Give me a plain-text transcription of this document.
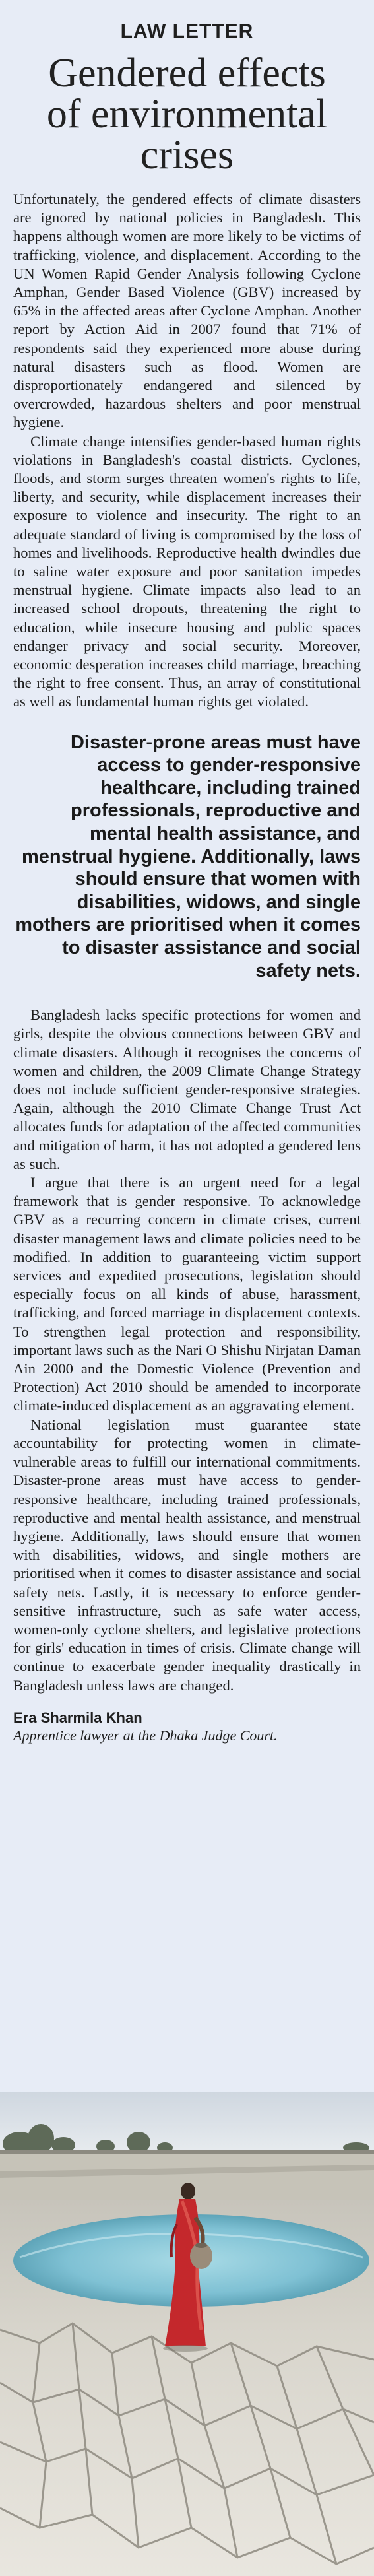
LAW LETTER
Gendered effects
of environmental
crises

Unfortunately, the gendered effects of climate disasters are ignored by national policies in Bangladesh. This happens although women are more likely to be victims of trafficking, violence, and displacement. According to the UN Women Rapid Gender Analysis following Cyclone Amphan, Gender Based Violence (GBV) increased by 65% in the affected areas after Cyclone Amphan. Another report by Action Aid in 2007 found that 71% of respondents said they experienced more abuse during natural disasters such as flood. Women are disproportionately endangered and silenced by overcrowded, hazardous shelters and poor menstrual hygiene.

Climate change intensifies gender-based human rights violations in Bangladesh's coastal districts. Cyclones, floods, and storm surges threaten women's rights to life, liberty, and security, while displacement increases their exposure to violence and insecurity. The right to an adequate standard of living is compromised by the loss of homes and livelihoods. Reproductive health dwindles due to saline water exposure and poor sanitation impedes menstrual hygiene. Climate impacts also lead to an increased school dropouts, threatening the right to education, while insecure housing and public spaces endanger privacy and social security. Moreover, economic desperation increases child marriage, breaching the right to free consent. Thus, an array of constitutional as well as fundamental human rights get violated.

Disaster-prone areas must have access to gender-responsive healthcare, including trained professionals, reproductive and mental health assistance, and menstrual hygiene. Additionally, laws should ensure that women with disabilities, widows, and single mothers are prioritised when it comes to disaster assistance and social safety nets.

Bangladesh lacks specific protections for women and girls, despite the obvious connections between GBV and climate disasters. Although it recognises the concerns of women and children, the 2009 Climate Change Strategy does not include sufficient gender-responsive strategies. Again, although the 2010 Climate Change Trust Act allocates funds for adaptation of the affected communities and mitigation of harm, it has not adopted a gendered lens as such.

I argue that there is an urgent need for a legal framework that is gender responsive. To acknowledge GBV as a recurring concern in climate crises, current disaster management laws and climate policies need to be modified. In addition to guaranteeing victim support services and expedited prosecutions, legislation should especially focus on all kinds of abuse, harassment, trafficking, and forced marriage in displacement contexts. To strengthen legal protection and responsibility, important laws such as the Nari O Shishu Nirjatan Daman Ain 2000 and the Domestic Violence (Prevention and Protection) Act 2010 should be amended to incorporate climate-induced displacement as an aggravating element.

National legislation must guarantee state accountability for protecting women in climate-vulnerable areas to fulfill our international commitments. Disaster-prone areas must have access to gender-responsive healthcare, including trained professionals, reproductive and mental health assistance, and menstrual hygiene. Additionally, laws should ensure that women with disabilities, widows, and single mothers are prioritised when it comes to disaster assistance and social safety nets. Lastly, it is necessary to enforce gender-sensitive infrastructure, such as safe water access, women-only cyclone shelters, and legislative protections for girls' education in times of crisis. Climate change will continue to exacerbate gender inequality drastically in Bangladesh unless laws are changed.

Era Sharmila Khan
Apprentice lawyer at the Dhaka Judge Court.
